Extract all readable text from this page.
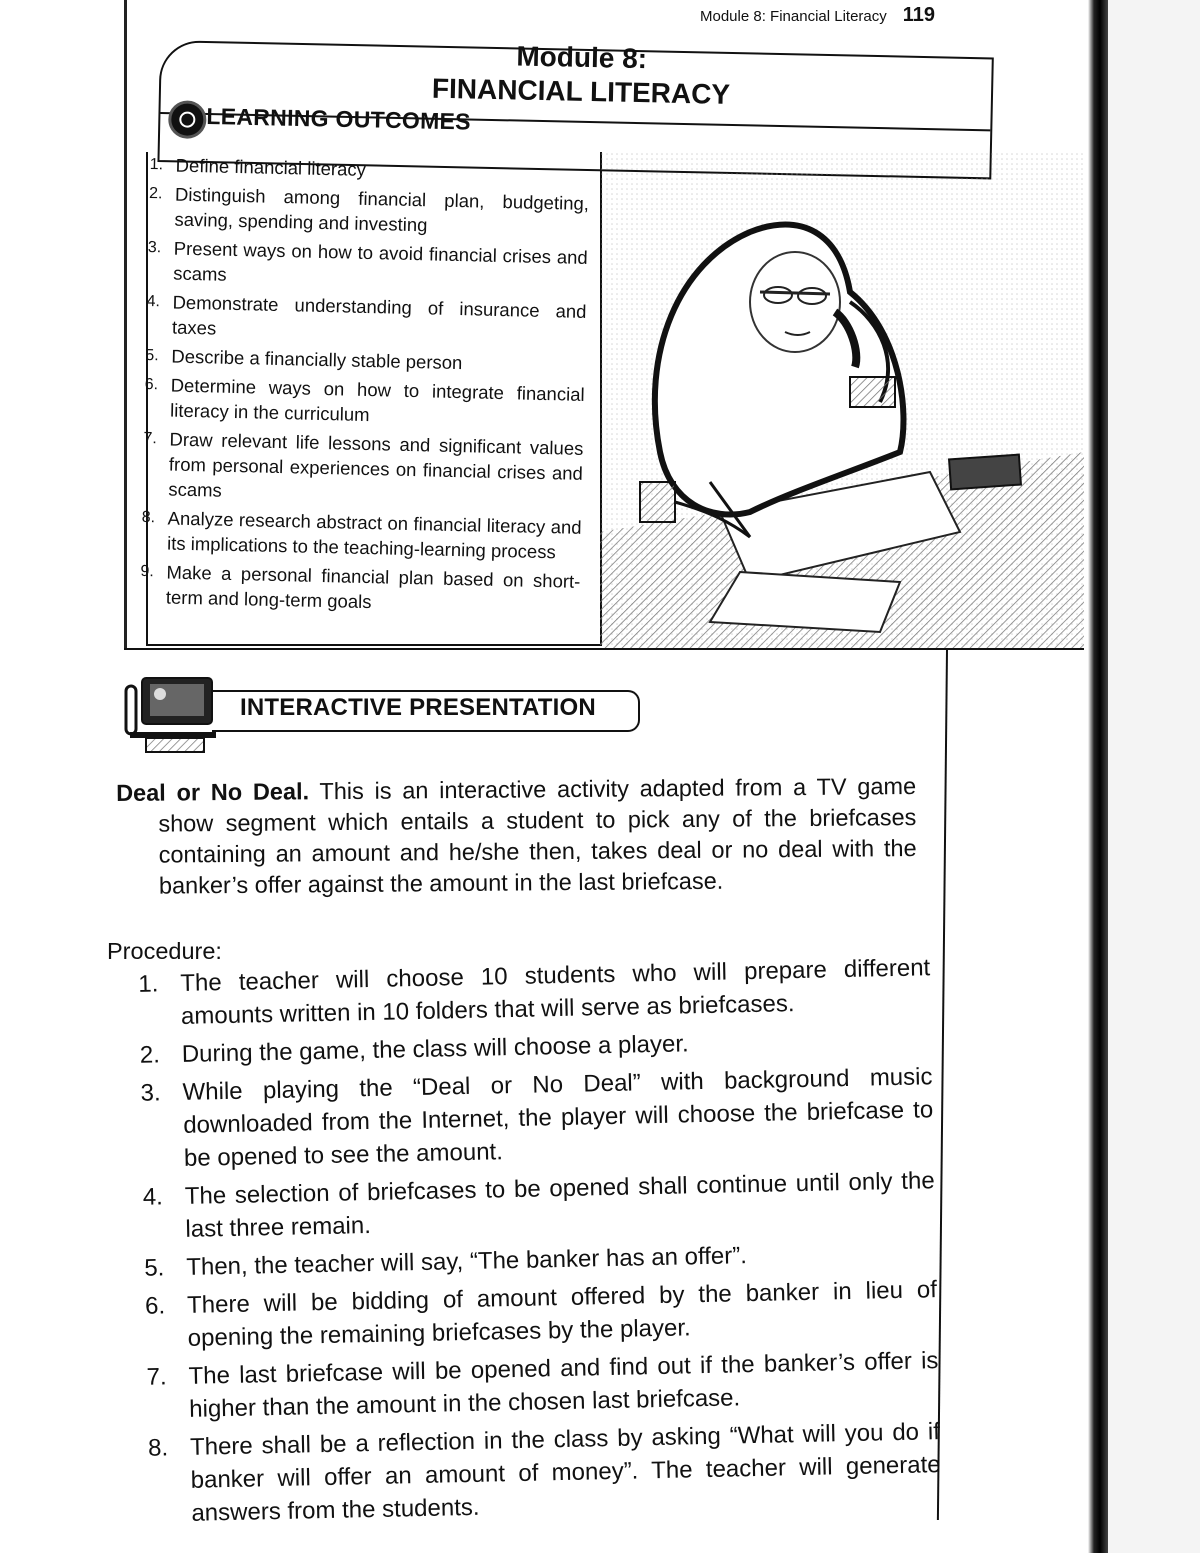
Module 8: Financial Literacy 119
Module 8:
FINANCIAL LITERACY
LEARNING OUTCOMES
1. Define financial literacy
2. Distinguish among financial plan, budgeting, saving, spending and investing
3. Present ways on how to avoid financial crises and scams
4. Demonstrate understanding of insurance and taxes
5. Describe a financially stable person
6. Determine ways on how to integrate financial literacy in the curriculum
7. Draw relevant life lessons and significant values from personal experiences on financial crises and scams
8. Analyze research abstract on financial literacy and its implications to the teaching-learning process
9. Make a personal financial plan based on short-term and long-term goals
INTERACTIVE PRESENTATION

Deal or No Deal. This is an interactive activity adapted from a TV game show segment which entails a student to pick any of the briefcases containing an amount and he/she then, takes deal or no deal with the banker’s offer against the amount in the last briefcase.

Procedure:
1. The teacher will choose 10 students who will prepare different amounts written in 10 folders that will serve as briefcases.
2. During the game, the class will choose a player.
3. While playing the “Deal or No Deal” with background music downloaded from the Internet, the player will choose the briefcase to be opened to see the amount.
4. The selection of briefcases to be opened shall continue until only the last three remain.
5. Then, the teacher will say, “The banker has an offer”.
6. There will be bidding of amount offered by the banker in lieu of opening the remaining briefcases by the player.
7. The last briefcase will be opened and find out if the banker’s offer is higher than the amount in the chosen last briefcase.
8. There shall be a reflection in the class by asking “What will you do if banker will offer an amount of money”. The teacher will generate answers from the students.
